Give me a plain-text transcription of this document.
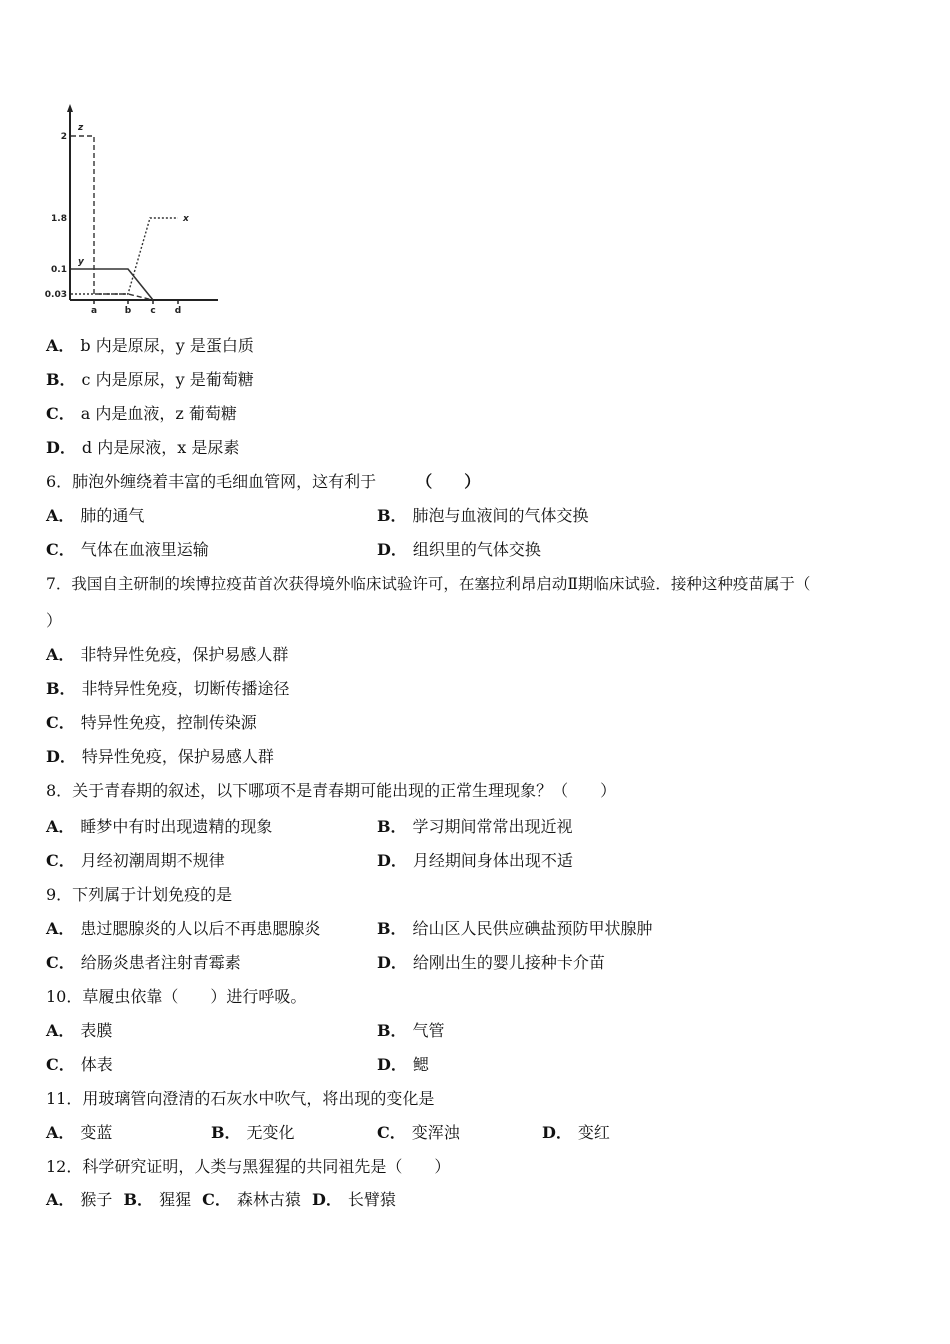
2
1.8
0.1
0.03
a	b c d
z
y
x
A． b 内是原尿，y 是蛋白质
B． c 内是原尿，y 是葡萄糖
C． a 内是血液，z 葡萄糖
D． d 内是尿液，x 是尿素
6．肺泡外缠绕着丰富的毛细血管网，这有利于	（　　）
A． 肺的通气	B． 肺泡与血液间的气体交换
C． 气体在血液里运输	D． 组织里的气体交换
7．我国自主研制的埃博拉疫苗首次获得境外临床试验许可，在塞拉利昂启动Ⅱ期临床试验．接种这种疫苗属于（
）
A． 非特异性免疫，保护易感人群
B． 非特异性免疫，切断传播途径
C． 特异性免疫，控制传染源
D． 特异性免疫，保护易感人群
8．关于青春期的叙述，以下哪项不是青春期可能出现的正常生理现象？（　　）
A． 睡梦中有时出现遗精的现象	B． 学习期间常常出现近视
C． 月经初潮周期不规律	D． 月经期间身体出现不适
9．下列属于计划免疫的是
A． 患过腮腺炎的人以后不再患腮腺炎	B． 给山区人民供应碘盐预防甲状腺肿
C． 给肠炎患者注射青霉素	D． 给刚出生的婴儿接种卡介苗
10．草履虫依靠（　　）进行呼吸。
A． 表膜	B． 气管
C． 体表	D． 鳃
11．用玻璃管向澄清的石灰水中吹气，将出现的变化是
A． 变蓝	B． 无变化	C． 变浑浊	D． 变红
12．科学研究证明，人类与黑猩猩的共同祖先是（　　）
A． 猴子 B． 猩猩 C． 森林古猿 D． 长臂猿
